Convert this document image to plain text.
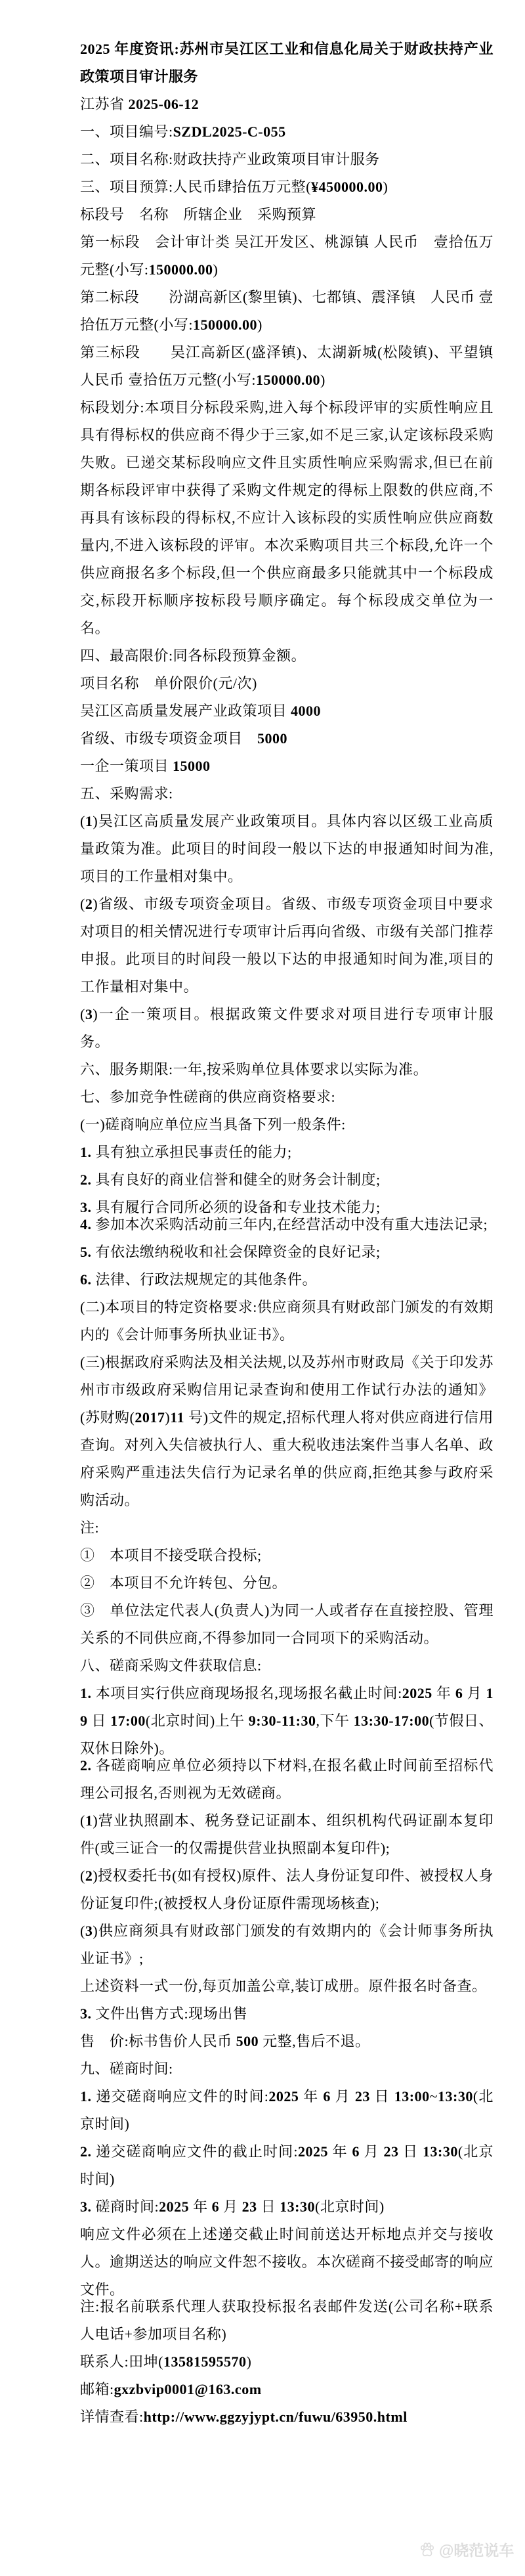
2025 年度资讯:苏州市吴江区工业和信息化局关于财政扶持产业政策项目审计服务

江苏省 2025-06-12

一、项目编号:SZDL2025-C-055

二、项目名称:财政扶持产业政策项目审计服务

三、项目预算:人民币肆拾伍万元整(¥450000.00)

标段号　名称　所辖企业　采购预算

第一标段　会计审计类 吴江开发区、桃源镇 人民币　壹拾伍万元整(小写:150000.00)

第二标段　　汾湖高新区(黎里镇)、七都镇、震泽镇　人民币 壹拾伍万元整(小写:150000.00)

第三标段　　吴江高新区(盛泽镇)、太湖新城(松陵镇)、平望镇　人民币 壹拾伍万元整(小写:150000.00)

标段划分:本项目分标段采购,进入每个标段评审的实质性响应且具有得标权的供应商不得少于三家,如不足三家,认定该标段采购失败。已递交某标段响应文件且实质性响应采购需求,但已在前期各标段评审中获得了采购文件规定的得标上限数的供应商,不再具有该标段的得标权,不应计入该标段的实质性响应供应商数量内,不进入该标段的评审。本次采购项目共三个标段,允许一个供应商报名多个标段,但一个供应商最多只能就其中一个标段成交,标段开标顺序按标段号顺序确定。每个标段成交单位为一名。

四、最高限价:同各标段预算金额。

项目名称　单价限价(元/次)

吴江区高质量发展产业政策项目 4000

省级、市级专项资金项目　5000

一企一策项目 15000

五、采购需求:

(1)吴江区高质量发展产业政策项目。具体内容以区级工业高质量政策为准。此项目的时间段一般以下达的申报通知时间为准,项目的工作量相对集中。

(2)省级、市级专项资金项目。省级、市级专项资金项目中要求对项目的相关情况进行专项审计后再向省级、市级有关部门推荐申报。此项目的时间段一般以下达的申报通知时间为准,项目的工作量相对集中。

(3)一企一策项目。根据政策文件要求对项目进行专项审计服务。

六、服务期限:一年,按采购单位具体要求以实际为准。

七、参加竞争性磋商的供应商资格要求:

(一)磋商响应单位应当具备下列一般条件:

1. 具有独立承担民事责任的能力;

2. 具有良好的商业信誉和健全的财务会计制度;

3. 具有履行合同所必须的设备和专业技术能力;

4. 参加本次采购活动前三年内,在经营活动中没有重大违法记录;

5. 有依法缴纳税收和社会保障资金的良好记录;

6. 法律、行政法规规定的其他条件。

(二)本项目的特定资格要求:供应商须具有财政部门颁发的有效期内的《会计师事务所执业证书》。

(三)根据政府采购法及相关法规,以及苏州市财政局《关于印发苏州市市级政府采购信用记录查询和使用工作试行办法的通知》(苏财购(2017)11 号)文件的规定,招标代理人将对供应商进行信用查询。对列入失信被执行人、重大税收违法案件当事人名单、政府采购严重违法失信行为记录名单的供应商,拒绝其参与政府采购活动。

注:

①　本项目不接受联合投标;

②　本项目不允许转包、分包。

③　单位法定代表人(负责人)为同一人或者存在直接控股、管理关系的不同供应商,不得参加同一合同项下的采购活动。

八、磋商采购文件获取信息:

1. 本项目实行供应商现场报名,现场报名截止时间:2025 年 6 月 19 日 17:00(北京时间)上午 9:30-11:30,下午 13:30-17:00(节假日、双休日除外)。

2. 各磋商响应单位必须持以下材料,在报名截止时间前至招标代理公司报名,否则视为无效磋商。

(1)营业执照副本、税务登记证副本、组织机构代码证副本复印件(或三证合一的仅需提供营业执照副本复印件);

(2)授权委托书(如有授权)原件、法人身份证复印件、被授权人身份证复印件;(被授权人身份证原件需现场核查);

(3)供应商须具有财政部门颁发的有效期内的《会计师事务所执业证书》;

上述资料一式一份,每页加盖公章,装订成册。原件报名时备查。

3. 文件出售方式:现场出售

售　价:标书售价人民币 500 元整,售后不退。

九、磋商时间:

1. 递交磋商响应文件的时间:2025 年 6 月 23 日 13:00~13:30(北京时间)

2. 递交磋商响应文件的截止时间:2025 年 6 月 23 日 13:30(北京时间)

3. 磋商时间:2025 年 6 月 23 日 13:30(北京时间)

响应文件必须在上述递交截止时间前送达开标地点并交与接收人。逾期送达的响应文件恕不接收。本次磋商不接受邮寄的响应文件。

注:报名前联系代理人获取投标报名表邮件发送(公司名称+联系人电话+参加项目名称)

联系人:田坤(13581595570)

邮箱:gxzbvip0001@163.com

详情查看:http://www.ggzyjypt.cn/fuwu/63950.html

@晓范说车
